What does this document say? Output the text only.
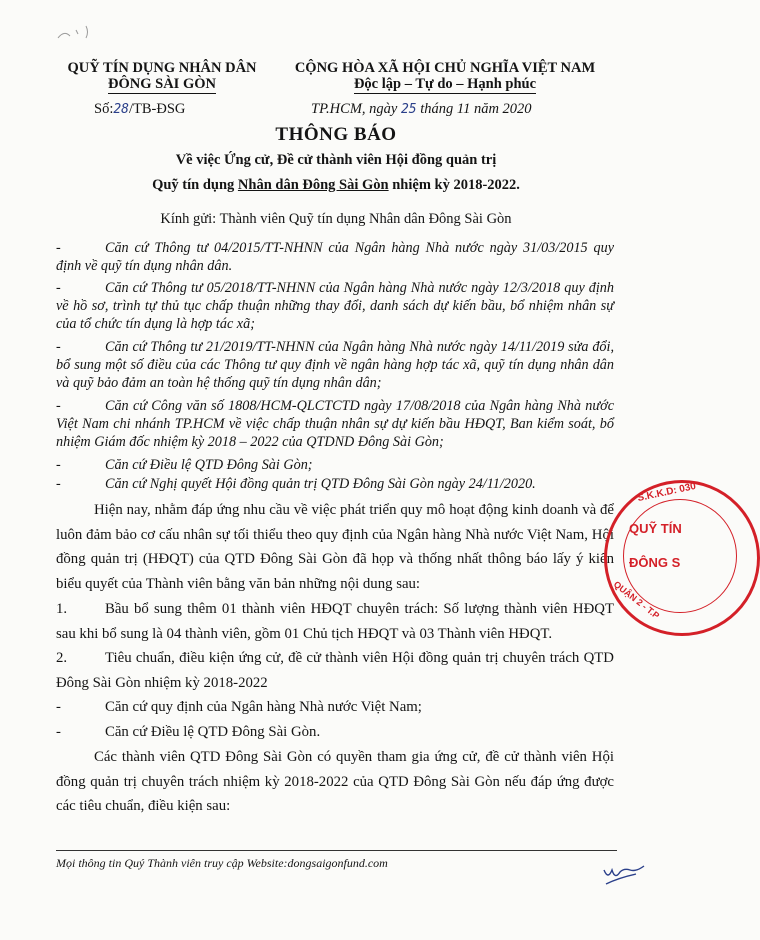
QUỸ TÍN DỤNG NHÂN DÂN
ĐÔNG SÀI GÒN
CỘNG HÒA XÃ HỘI CHỦ NGHĨA VIỆT NAM
Độc lập – Tự do – Hạnh phúc
Số:28/TB-ĐSG	TP.HCM, ngày 25 tháng 11 năm 2020
THÔNG BÁO
Về việc Ứng cử, Đề cử thành viên Hội đồng quản trị
Quỹ tín dụng Nhân dân Đông Sài Gòn nhiệm kỳ 2018-2022.
Kính gửi: Thành viên Quỹ tín dụng Nhân dân Đông Sài Gòn
-	Căn cứ Thông tư 04/2015/TT-NHNN của Ngân hàng Nhà nước ngày 31/03/2015 quy định về quỹ tín dụng nhân dân.
-	Căn cứ Thông tư 05/2018/TT-NHNN của Ngân hàng Nhà nước ngày 12/3/2018 quy định về hồ sơ, trình tự thủ tục chấp thuận những thay đổi, danh sách dự kiến bầu, bổ nhiệm nhân sự của tổ chức tín dụng là hợp tác xã;
-	Căn cứ Thông tư 21/2019/TT-NHNN của Ngân hàng Nhà nước ngày 14/11/2019 sửa đổi, bổ sung một số điều của các Thông tư quy định về ngân hàng hợp tác xã, quỹ tín dụng nhân dân và quỹ bảo đảm an toàn hệ thống quỹ tín dụng nhân dân;
-	Căn cứ Công văn số 1808/HCM-QLCTCTD ngày 17/08/2018 của Ngân hàng Nhà nước Việt Nam chi nhánh TP.HCM về việc chấp thuận nhân sự dự kiến bầu HĐQT, Ban kiểm soát, bổ nhiệm Giám đốc nhiệm kỳ 2018 – 2022 của QTDND Đông Sài Gòn;
-	Căn cứ Điều lệ QTD Đông Sài Gòn;
-	Căn cứ Nghị quyết Hội đồng quản trị QTD Đông Sài Gòn ngày 24/11/2020.
Hiện nay, nhằm đáp ứng nhu cầu về việc phát triển quy mô hoạt động kinh doanh và để luôn đảm bảo cơ cấu nhân sự tối thiểu theo quy định của Ngân hàng Nhà nước Việt Nam, Hội đồng quản trị (HĐQT) của QTD Đông Sài Gòn đã họp và thống nhất thông báo lấy ý kiến biểu quyết của Thành viên bằng văn bản những nội dung sau:
1.	Bầu bổ sung thêm 01 thành viên HĐQT chuyên trách: Số lượng thành viên HĐQT sau khi bổ sung là 04 thành viên, gồm 01 Chủ tịch HĐQT và 03 Thành viên HĐQT.
2.	Tiêu chuẩn, điều kiện ứng cử, đề cử thành viên Hội đồng quản trị chuyên trách QTD Đông Sài Gòn nhiệm kỳ 2018-2022
-	Căn cứ quy định của Ngân hàng Nhà nước Việt Nam;
-	Căn cứ Điều lệ QTD Đông Sài Gòn.
Các thành viên QTD Đông Sài Gòn có quyền tham gia ứng cử, đề cử thành viên Hội đồng quản trị chuyên trách nhiệm kỳ 2018-2022 của QTD Đông Sài Gòn nếu đáp ứng được các tiêu chuẩn, điều kiện sau:
Mọi thông tin Quý Thành viên truy cập Website:dongsaigonfund.com
S.K.K.D: 030
QUỸ TÍN
ĐÔNG S
QUẬN 2 - T.P
